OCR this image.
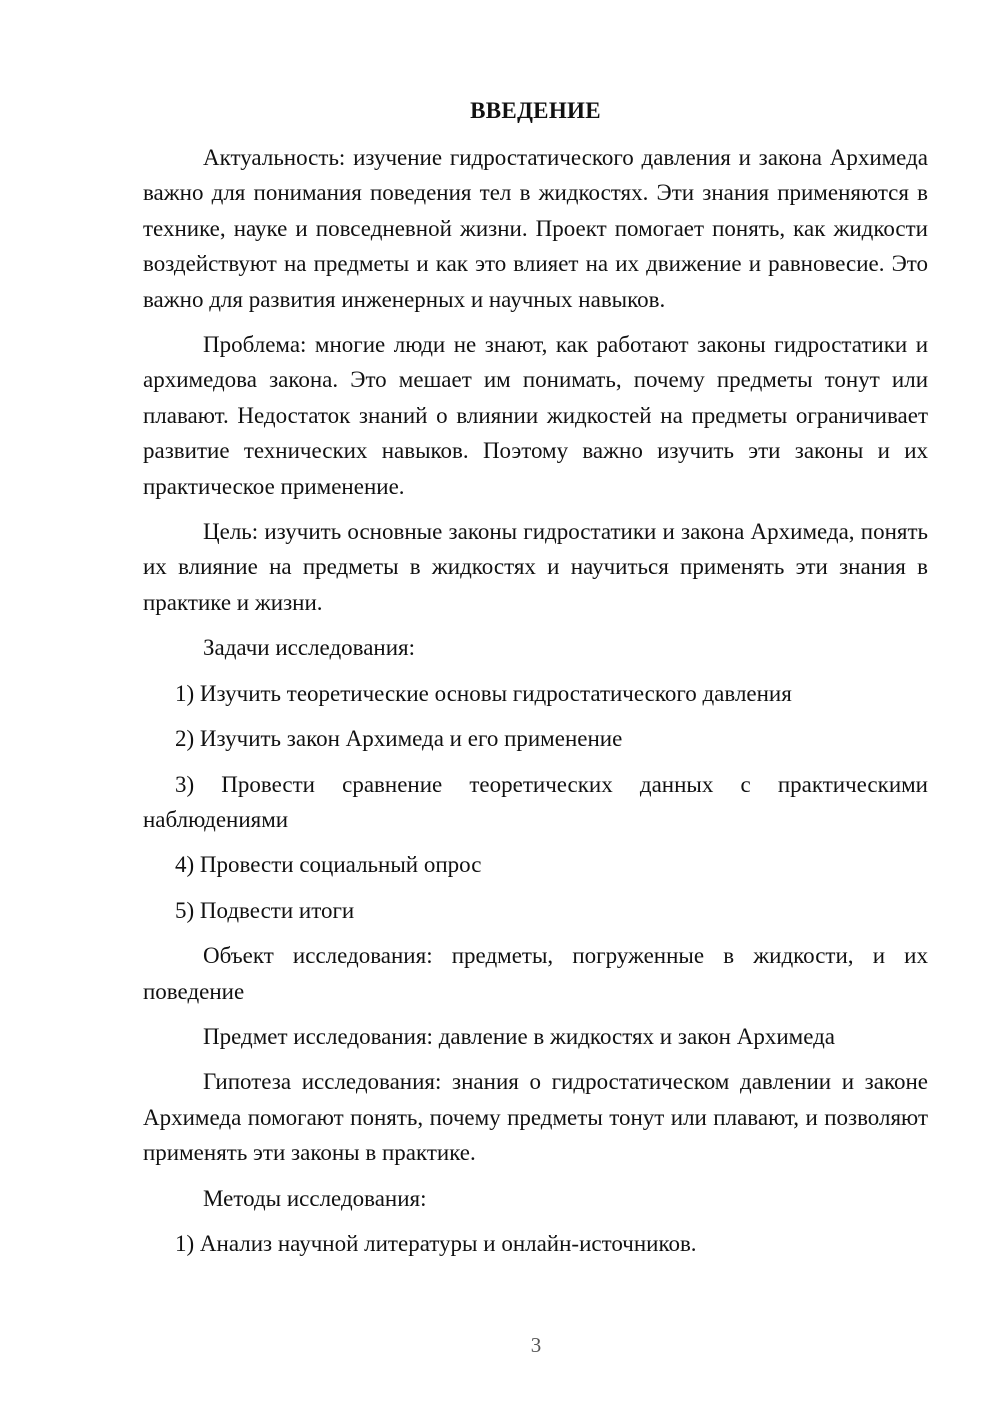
ВВЕДЕНИЕ

Актуальность: изучение гидростатического давления и закона Архимеда важно для понимания поведения тел в жидкостях. Эти знания применяются в технике, науке и повседневной жизни. Проект помогает понять, как жидкости воздействуют на предметы и как это влияет на их движение и равновесие. Это важно для развития инженерных и научных навыков.

Проблема: многие люди не знают, как работают законы гидростатики и архимедова закона. Это мешает им понимать, почему предметы тонут или плавают. Недостаток знаний о влиянии жидкостей на предметы ограничивает развитие технических навыков. Поэтому важно изучить эти законы и их практическое применение.

Цель: изучить основные законы гидростатики и закона Архимеда, понять их влияние на предметы в жидкостях и научиться применять эти знания в практике и жизни.

Задачи исследования:

1) Изучить теоретические основы гидростатического давления

2) Изучить закон Архимеда и его применение

3) Провести сравнение теоретических данных с практическими наблюдениями

4) Провести социальный опрос

5) Подвести итоги

Объект исследования: предметы, погруженные в жидкости, и их поведение

Предмет исследования: давление в жидкостях и закон Архимеда

Гипотеза исследования: знания о гидростатическом давлении и законе Архимеда помогают понять, почему предметы тонут или плавают, и позволяют применять эти законы в практике.

Методы исследования:

1) Анализ научной литературы и онлайн-источников.

3
